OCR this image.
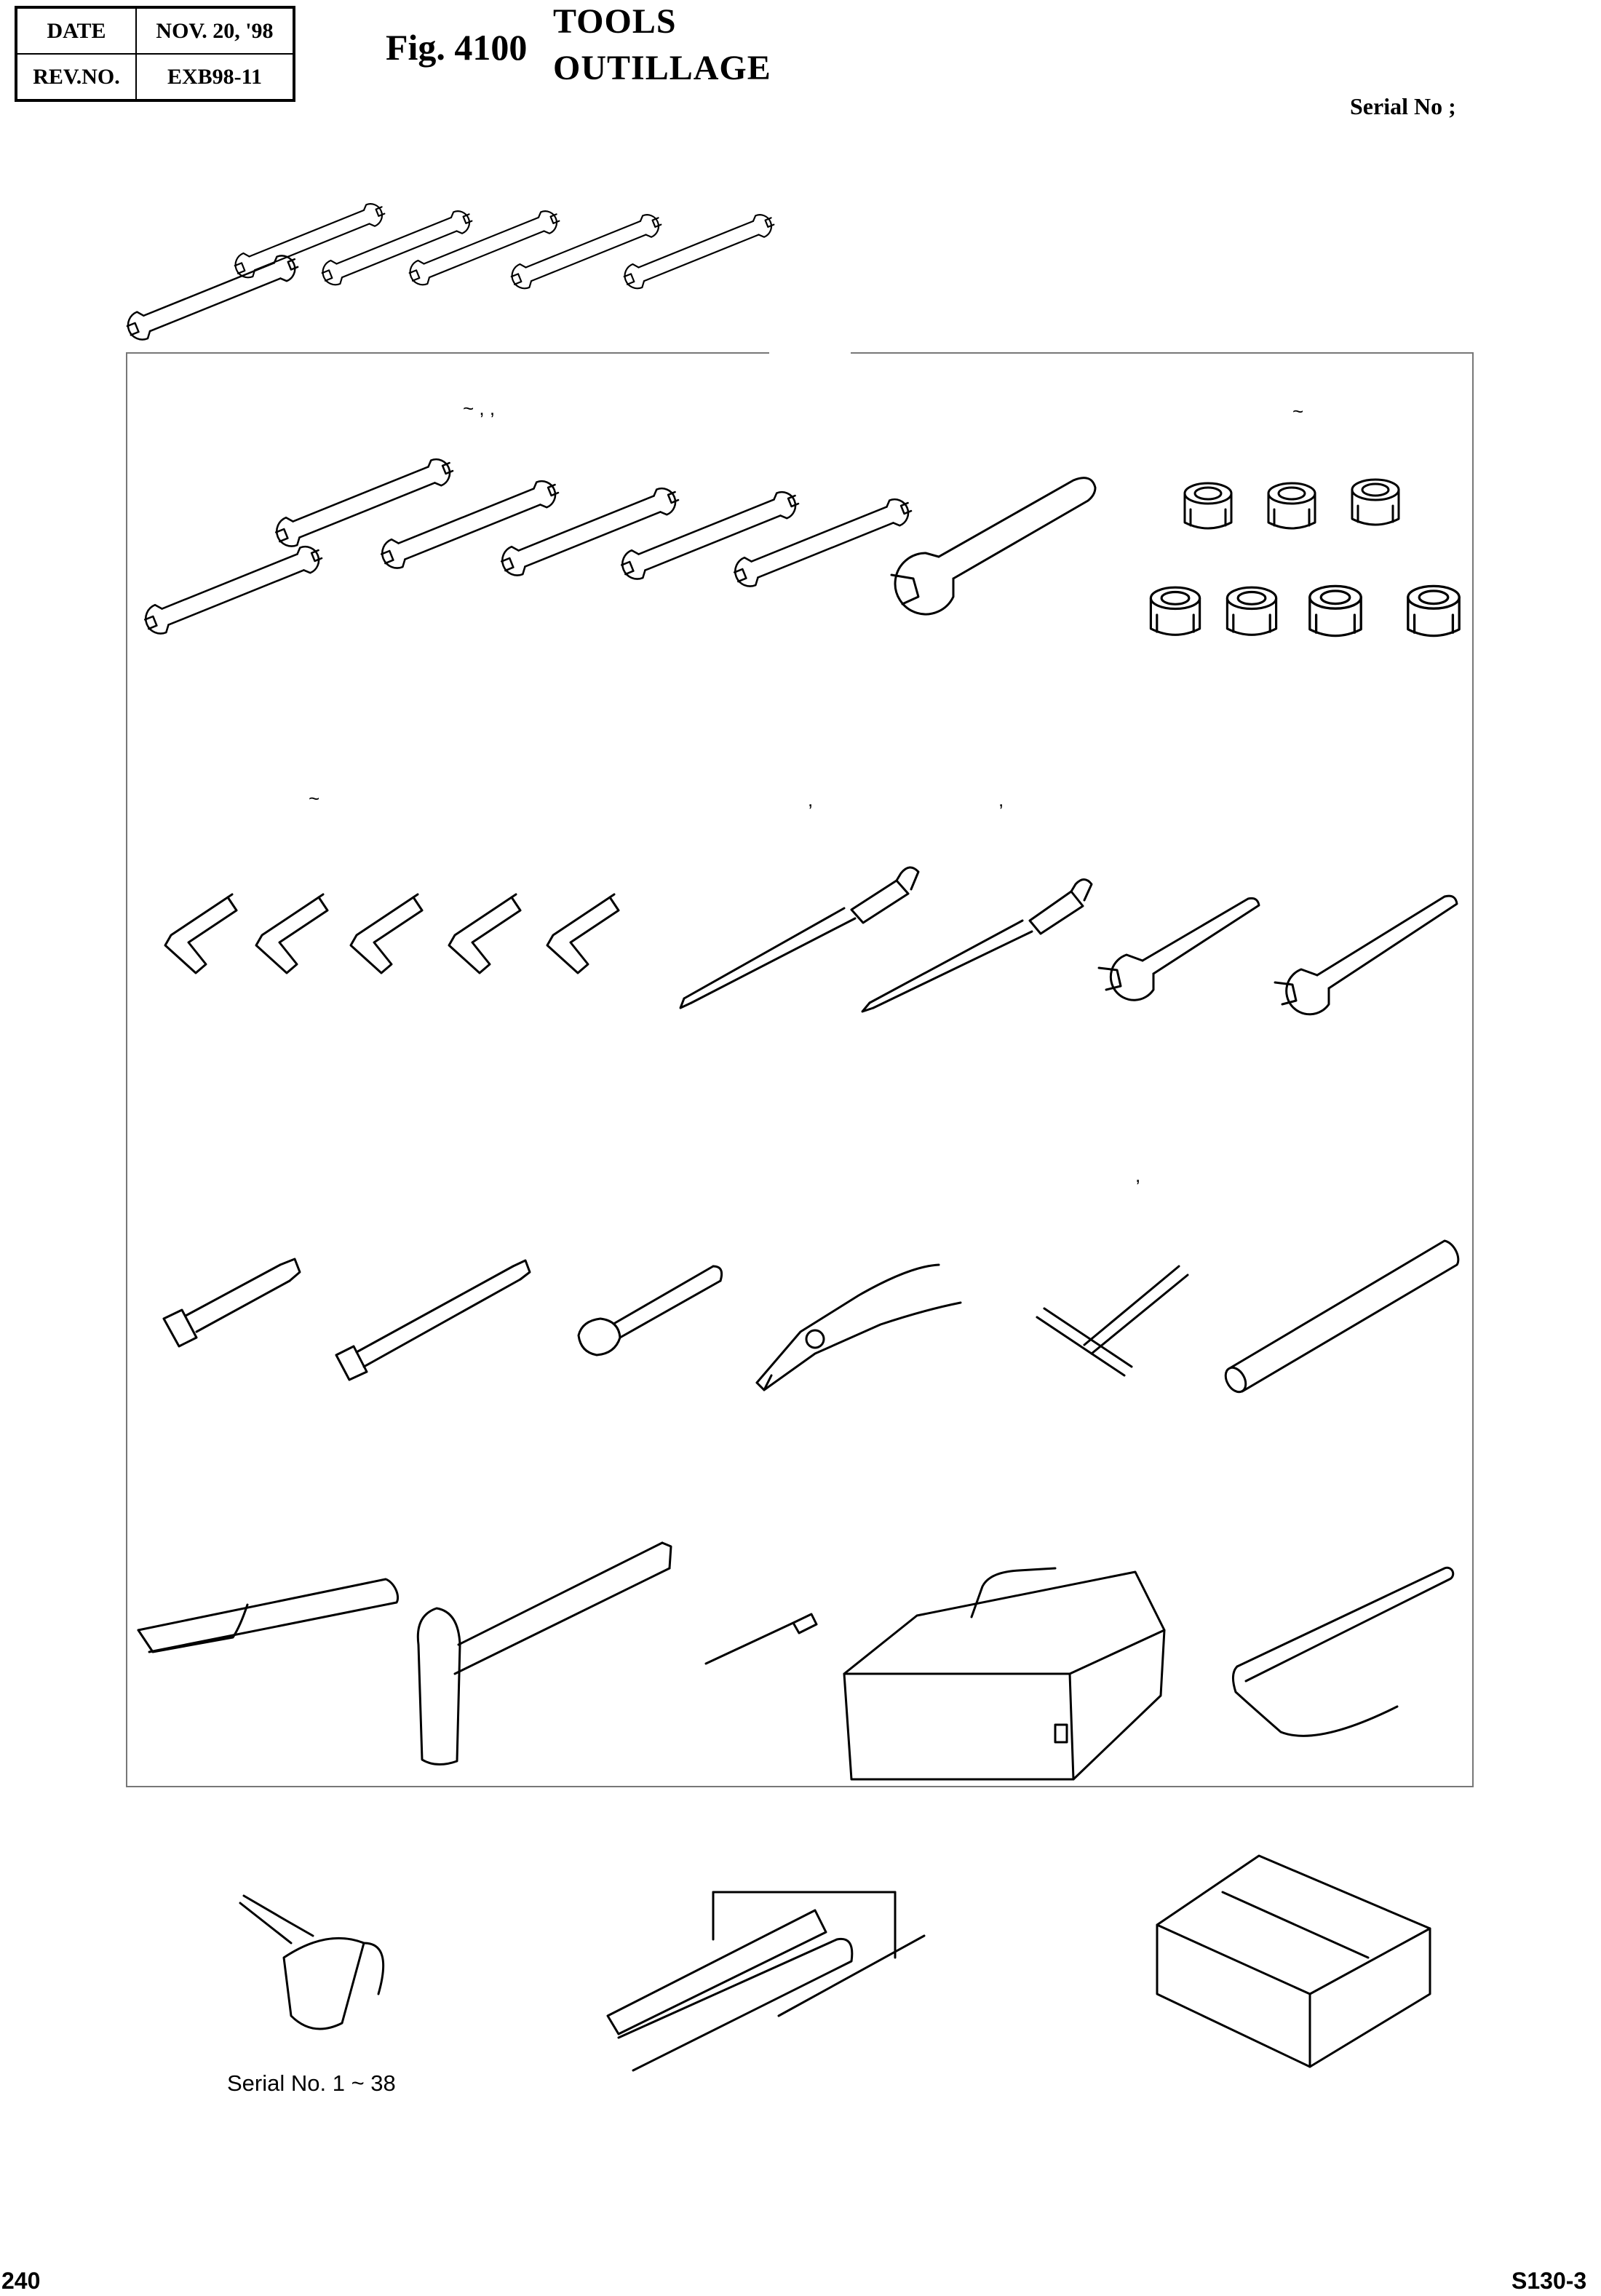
DATE	NOV. 20, '98
REV.NO.	EXB98-11
Fig. 4100
TOOLS
OUTILLAGE
Serial No ;
~ , ,	~
~	,	,
,
Serial No. 1 ~ 38
240	S130-3
